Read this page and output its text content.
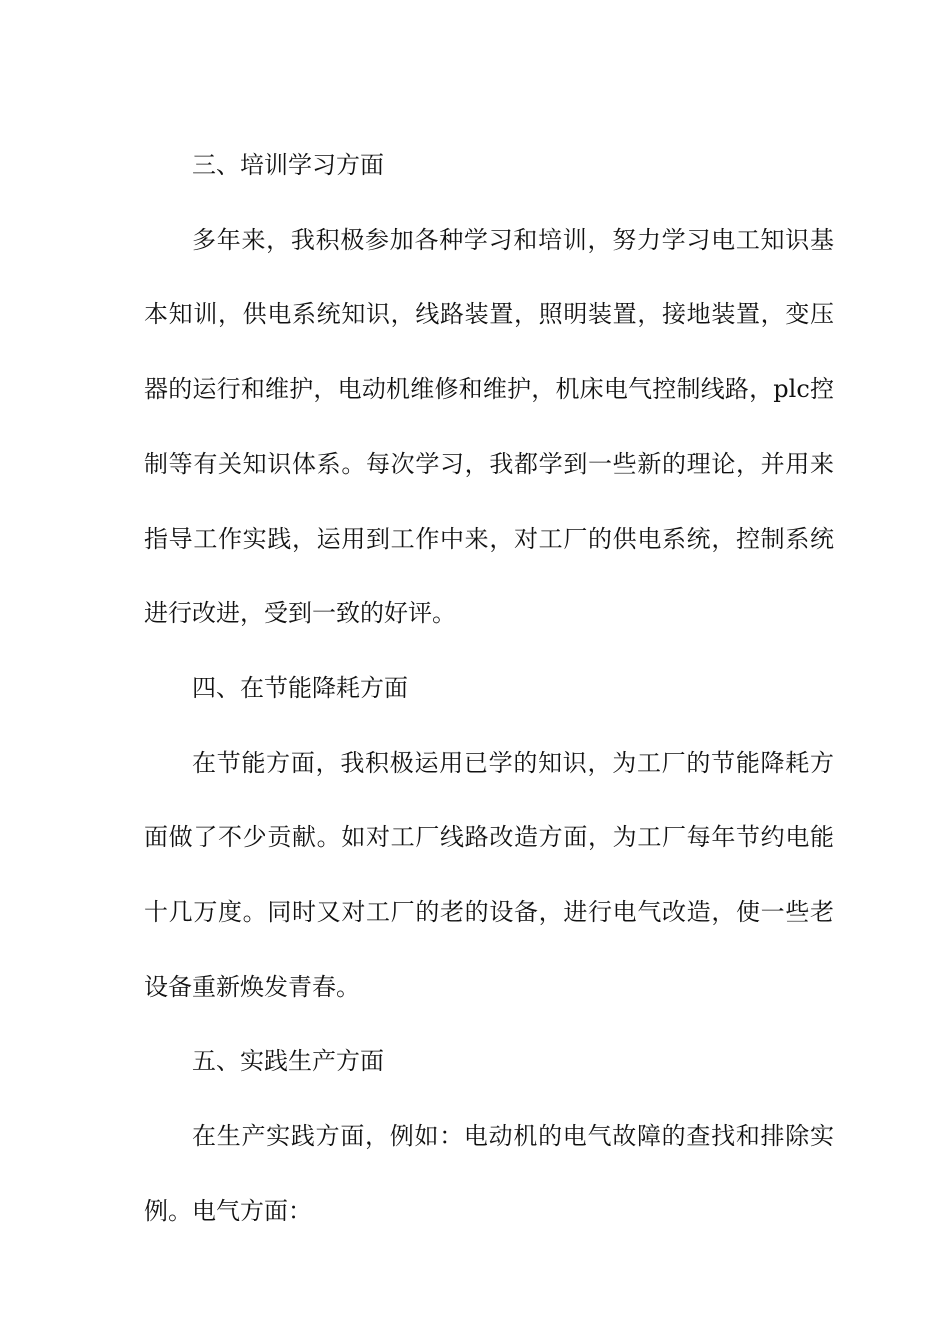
三、培训学习方面

多年来，我积极参加各种学习和培训，努力学习电工知识基本知训，供电系统知识，线路装置，照明装置，接地装置，变压器的运行和维护，电动机维修和维护，机床电气控制线路，plc控制等有关知识体系。每次学习，我都学到一些新的理论，并用来指导工作实践，运用到工作中来，对工厂的供电系统，控制系统进行改进，受到一致的好评。

四、在节能降耗方面

在节能方面，我积极运用已学的知识，为工厂的节能降耗方面做了不少贡献。如对工厂线路改造方面，为工厂每年节约电能十几万度。同时又对工厂的老的设备，进行电气改造，使一些老设备重新焕发青春。

五、实践生产方面

在生产实践方面，例如：电动机的电气故障的查找和排除实例。电气方面：
